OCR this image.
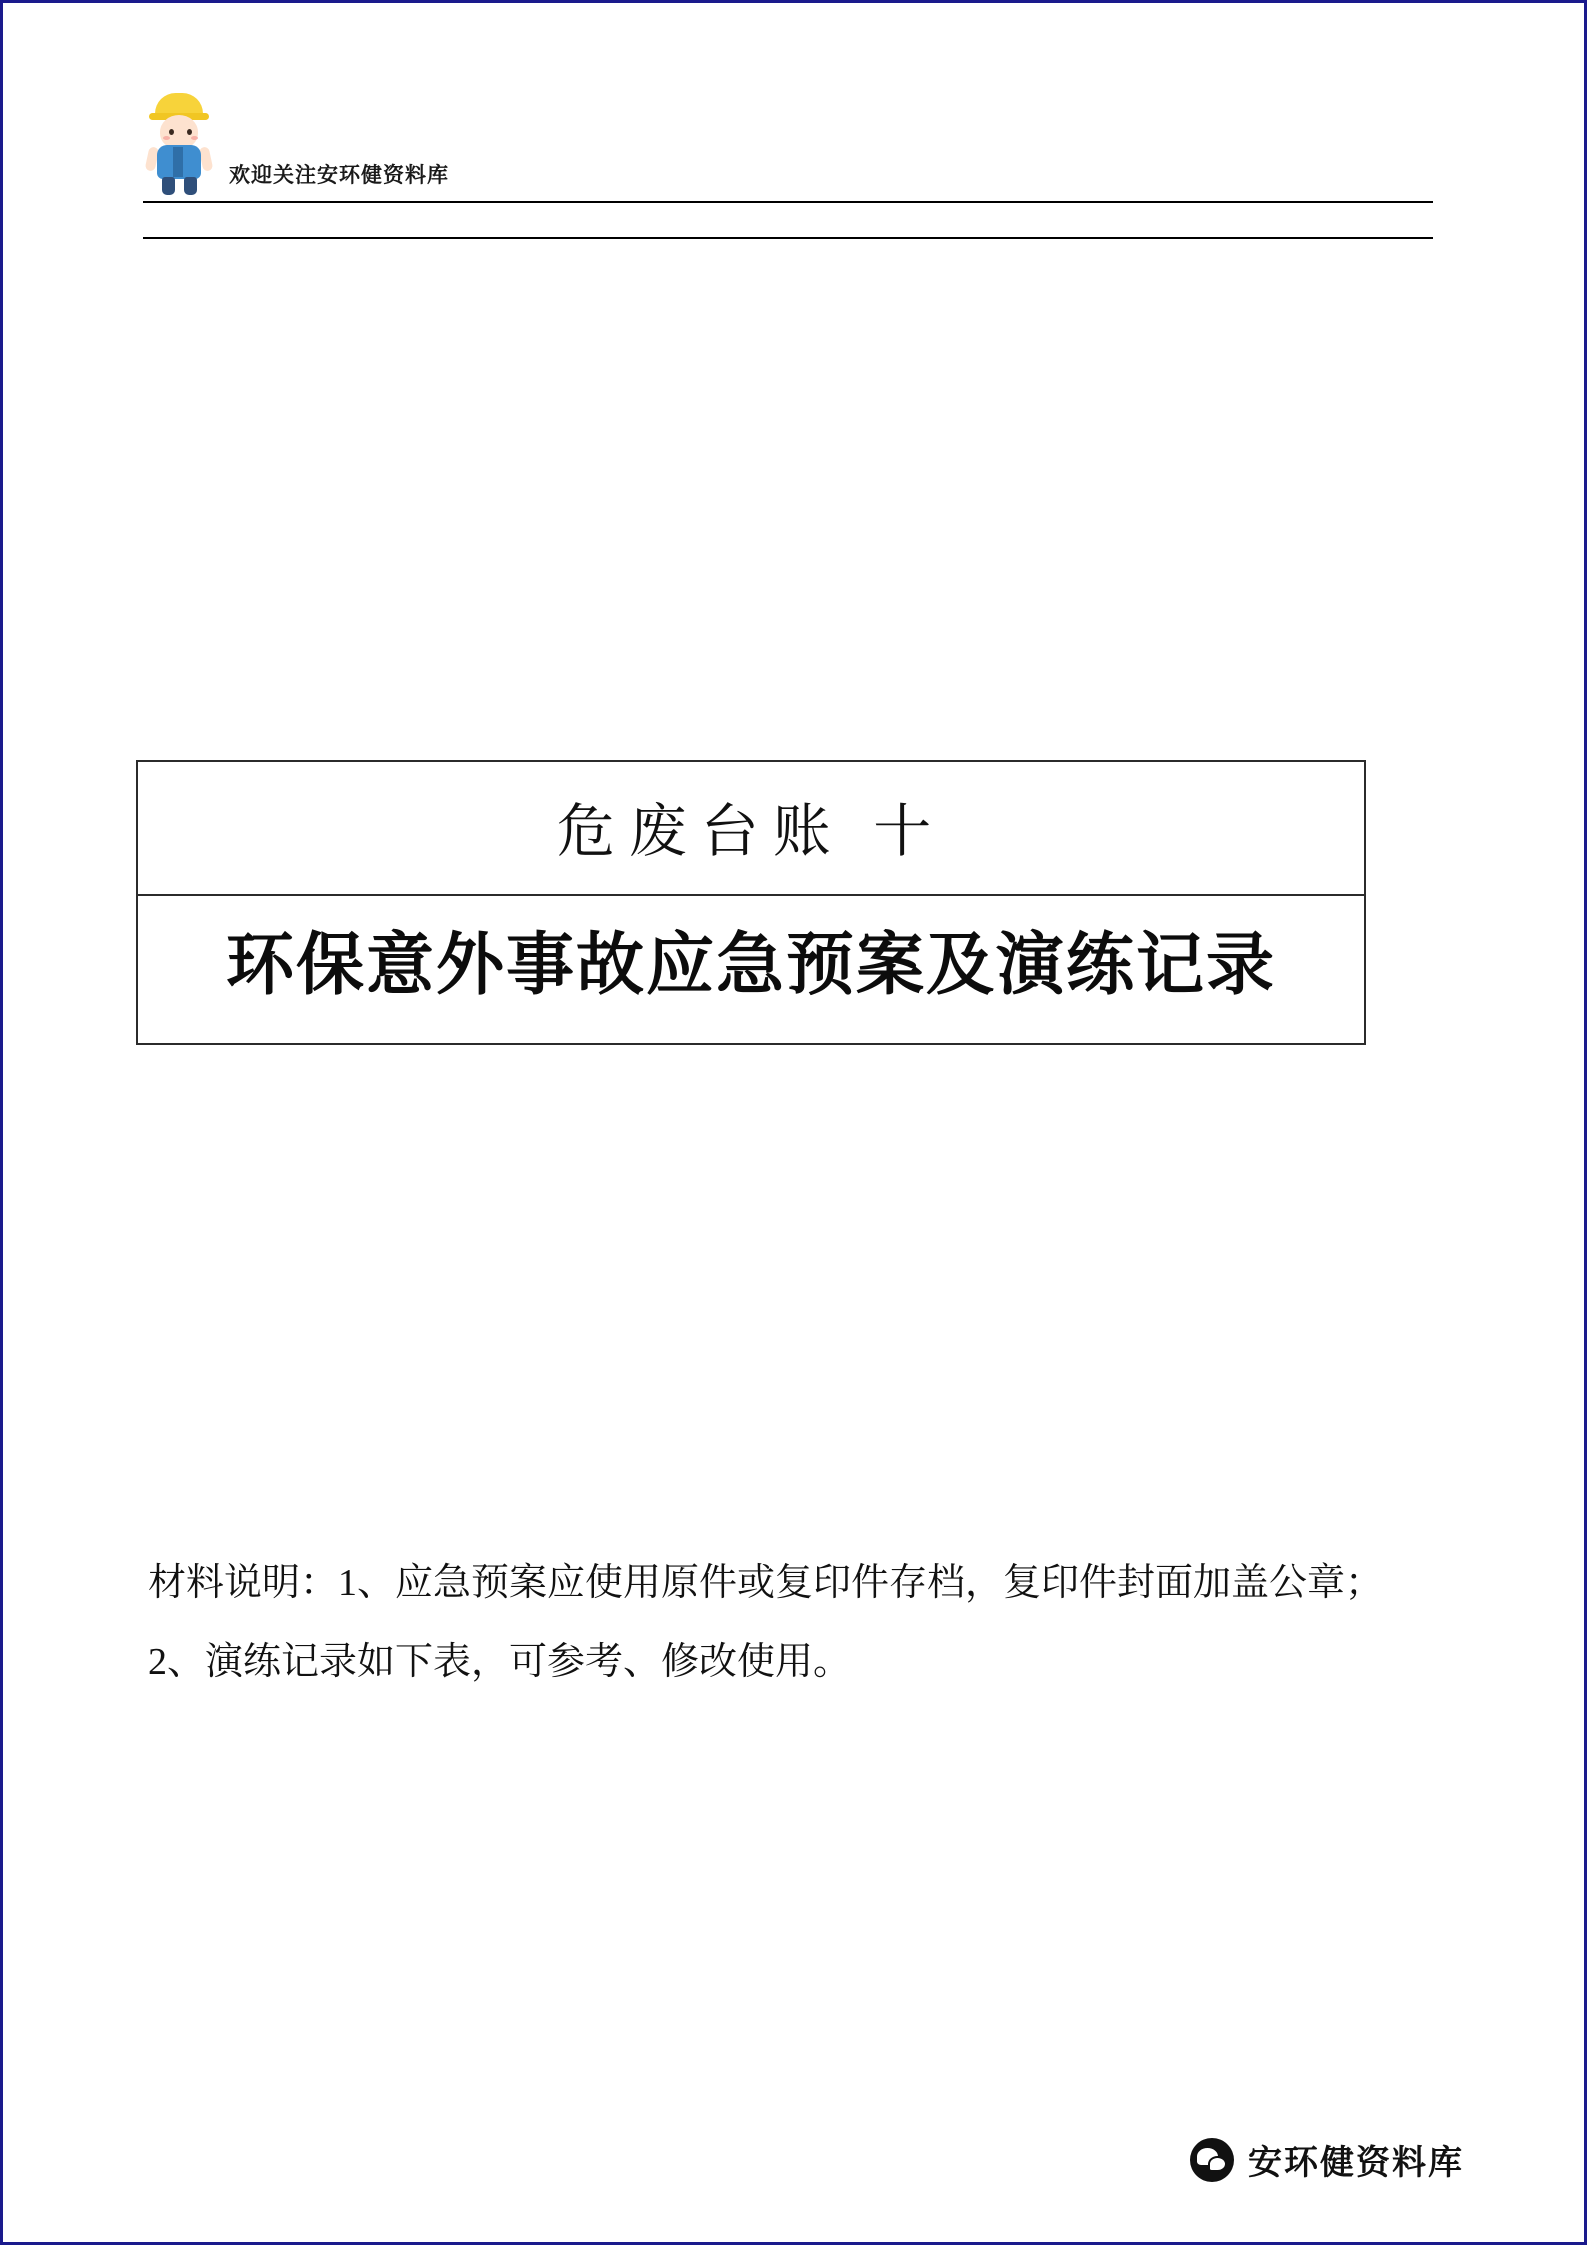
欢迎关注安环健资料库
危废台账 十
环保意外事故应急预案及演练记录

材料说明：1、应急预案应使用原件或复印件存档，复印件封面加盖公章；

2、演练记录如下表，可参考、修改使用。

安环健资料库
